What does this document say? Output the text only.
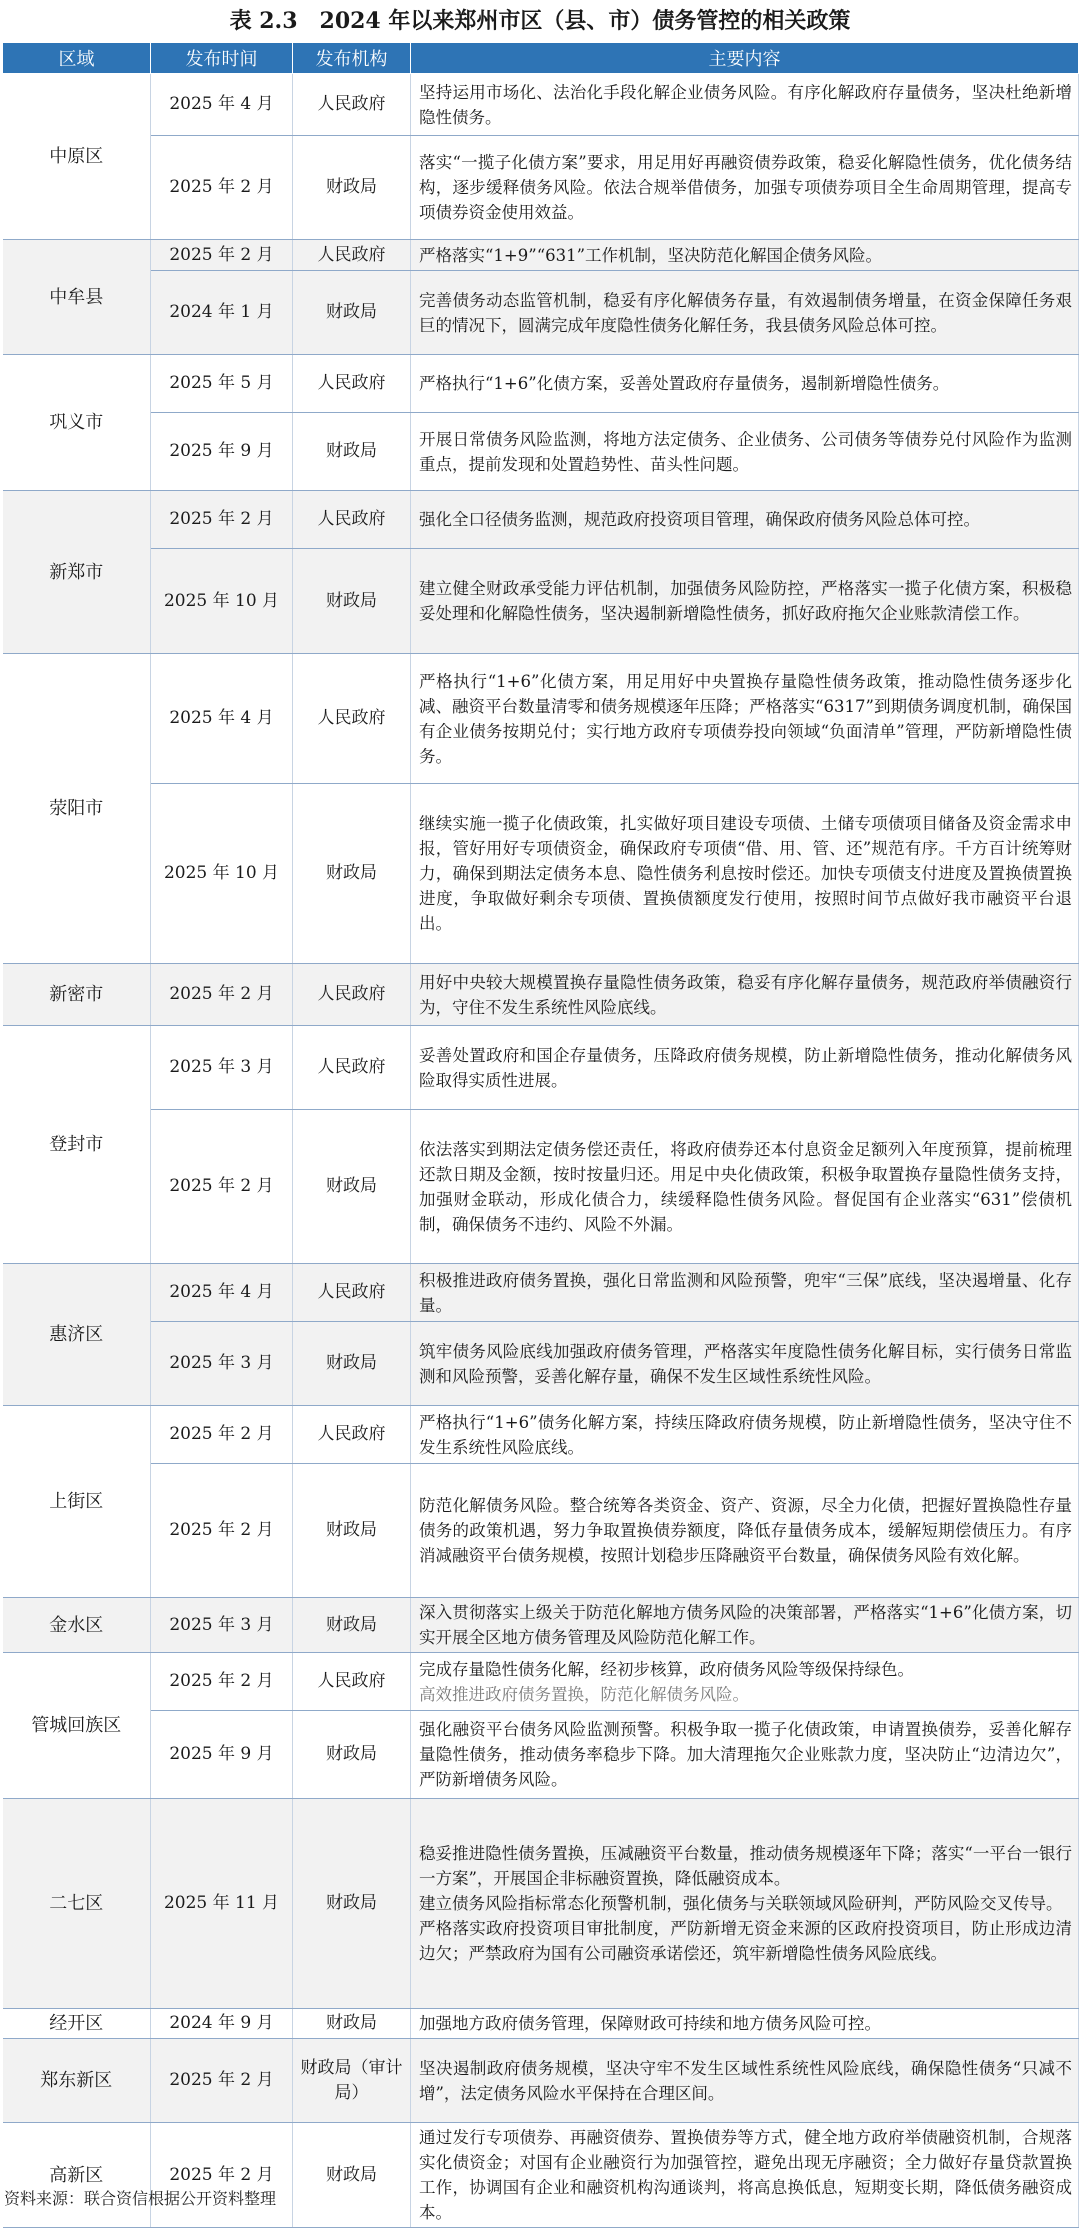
表 2.3　2024 年以来郑州市区（县、市）债务管控的相关政策
区域	发布时间	发布机构	主要内容
中原区	2025 年 4 月	人民政府	坚持运用市场化、法治化手段化解企业债务风险。有序化解政府存量债务，坚决杜绝新增隐性债务。

	2025 年 2 月	财政局	落实“一揽子化债方案”要求，用足用好再融资债券政策，稳妥化解隐性债务，优化债务结构，逐步缓释债务风险。依法合规举借债务，加强专项债券项目全生命周期管理，提高专项债券资金使用效益。

中牟县	2025 年 2 月	人民政府	严格落实“1+9”“631”工作机制，坚决防范化解国企债务风险。

	2024 年 1 月	财政局	完善债务动态监管机制，稳妥有序化解债务存量，有效遏制债务增量，在资金保障任务艰巨的情况下，圆满完成年度隐性债务化解任务，我县债务风险总体可控。

巩义市	2025 年 5 月	人民政府	严格执行“1+6”化债方案，妥善处置政府存量债务，遏制新增隐性债务。

	2025 年 9 月	财政局	开展日常债务风险监测，将地方法定债务、企业债务、公司债务等债券兑付风险作为监测重点，提前发现和处置趋势性、苗头性问题。

新郑市	2025 年 2 月	人民政府	强化全口径债务监测，规范政府投资项目管理，确保政府债务风险总体可控。

	2025 年 10 月	财政局	建立健全财政承受能力评估机制，加强债务风险防控，严格落实一揽子化债方案，积极稳妥处理和化解隐性债务，坚决遏制新增隐性债务，抓好政府拖欠企业账款清偿工作。

荥阳市	2025 年 4 月	人民政府	严格执行“1+6”化债方案，用足用好中央置换存量隐性债务政策，推动隐性债务逐步化减、融资平台数量清零和债务规模逐年压降；严格落实“6317”到期债务调度机制，确保国有企业债务按期兑付；实行地方政府专项债券投向领域“负面清单”管理，严防新增隐性债务。

	2025 年 10 月	财政局	继续实施一揽子化债政策，扎实做好项目建设专项债、土储专项债项目储备及资金需求申报，管好用好专项债资金，确保政府专项债“借、用、管、还”规范有序。千方百计统筹财力，确保到期法定债务本息、隐性债务利息按时偿还。加快专项债支付进度及置换债置换进度，争取做好剩余专项债、置换债额度发行使用，按照时间节点做好我市融资平台退出。

新密市	2025 年 2 月	人民政府	用好中央较大规模置换存量隐性债务政策，稳妥有序化解存量债务，规范政府举债融资行为，守住不发生系统性风险底线。

登封市	2025 年 3 月	人民政府	妥善处置政府和国企存量债务，压降政府债务规模，防止新增隐性债务，推动化解债务风险取得实质性进展。

	2025 年 2 月	财政局	依法落实到期法定债务偿还责任，将政府债券还本付息资金足额列入年度预算，提前梳理还款日期及金额，按时按量归还。用足中央化债政策，积极争取置换存量隐性债务支持，加强财金联动，形成化债合力，续缓释隐性债务风险。督促国有企业落实“631”偿债机制，确保债务不违约、风险不外漏。

惠济区	2025 年 4 月	人民政府	积极推进政府债务置换，强化日常监测和风险预警，兜牢“三保”底线，坚决遏增量、化存量。

	2025 年 3 月	财政局	筑牢债务风险底线加强政府债务管理，严格落实年度隐性债务化解目标，实行债务日常监测和风险预警，妥善化解存量，确保不发生区域性系统性风险。

上街区	2025 年 2 月	人民政府	严格执行“1+6”债务化解方案，持续压降政府债务规模，防止新增隐性债务，坚决守住不发生系统性风险底线。

	2025 年 2 月	财政局	防范化解债务风险。整合统筹各类资金、资产、资源，尽全力化债，把握好置换隐性存量债务的政策机遇，努力争取置换债券额度，降低存量债务成本，缓解短期偿债压力。有序消减融资平台债务规模，按照计划稳步压降融资平台数量，确保债务风险有效化解。

金水区	2025 年 3 月	财政局	深入贯彻落实上级关于防范化解地方债务风险的决策部署，严格落实“1+6”化债方案，切实开展全区地方债务管理及风险防范化解工作。

管城回族区	2025 年 2 月	人民政府	完成存量隐性债务化解，经初步核算，政府债务风险等级保持绿色。
高效推进政府债务置换，防范化解债务风险。

	2025 年 9 月	财政局	强化融资平台债务风险监测预警。积极争取一揽子化债政策，申请置换债券，妥善化解存量隐性债务，推动债务率稳步下降。加大清理拖欠企业账款力度，坚决防止“边清边欠”，严防新增债务风险。

二七区	2025 年 11 月	财政局	稳妥推进隐性债务置换，压减融资平台数量，推动债务规模逐年下降；落实“一平台一银行一方案”，开展国企非标融资置换，降低融资成本。
建立债务风险指标常态化预警机制，强化债务与关联领域风险研判，严防风险交叉传导。
严格落实政府投资项目审批制度，严防新增无资金来源的区政府投资项目，防止形成边清边欠；严禁政府为国有公司融资承诺偿还，筑牢新增隐性债务风险底线。

经开区	2024 年 9 月	财政局	加强地方政府债务管理，保障财政可持续和地方债务风险可控。

郑东新区	2025 年 2 月	财政局（审计局）	坚决遏制政府债务规模，坚决守牢不发生区域性系统性风险底线，确保隐性债务“只减不增”，法定债务风险水平保持在合理区间。

高新区	2025 年 2 月	财政局	通过发行专项债券、再融资债券、置换债券等方式，健全地方政府举债融资机制，合规落实化债资金；对国有企业融资行为加强管控，避免出现无序融资；全力做好存量贷款置换工作，协调国有企业和融资机构沟通谈判，将高息换低息，短期变长期，降低债务融资成本。
资料来源：联合资信根据公开资料整理
